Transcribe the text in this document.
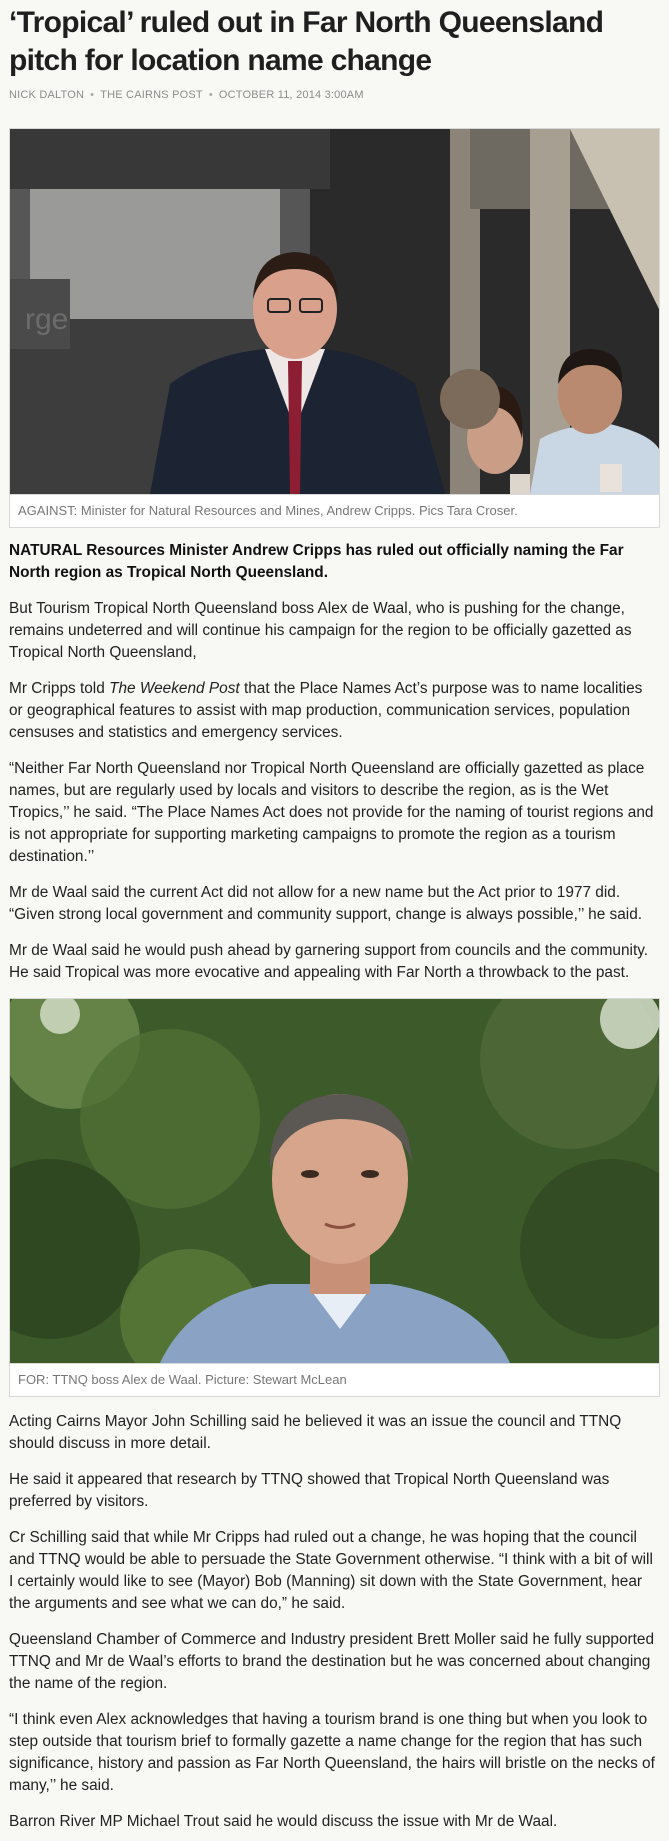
‘Tropical’ ruled out in Far North Queensland pitch for location name change
NICK DALTON • THE CAIRNS POST • OCTOBER 11, 2014 3:00AM
rge
AGAINST: Minister for Natural Resources and Mines, Andrew Cripps. Pics Tara Croser.

NATURAL Resources Minister Andrew Cripps has ruled out officially naming the Far North region as Tropical North Queensland.

But Tourism Tropical North Queensland boss Alex de Waal, who is pushing for the change, remains undeterred and will continue his campaign for the region to be officially gazetted as Tropical North Queensland,

Mr Cripps told The Weekend Post that the Place Names Act’s purpose was to name localities or geographical features to assist with map production, communication services, population censuses and statistics and emergency services.

“Neither Far North Queensland nor Tropical North Queensland are officially gazetted as place names, but are regularly used by locals and visitors to describe the region, as is the Wet Tropics,’’ he said. “The Place Names Act does not provide for the naming of tourist regions and is not appropriate for supporting marketing campaigns to promote the region as a tourism destination.’’

Mr de Waal said the current Act did not allow for a new name but the Act prior to 1977 did. “Given strong local government and community support, change is always possible,’’ he said.

Mr de Waal said he would push ahead by garnering support from councils and the community. He said Tropical was more evocative and appealing with Far North a throwback to the past.

FOR: TTNQ boss Alex de Waal. Picture: Stewart McLean

Acting Cairns Mayor John Schilling said he believed it was an issue the council and TTNQ should discuss in more detail.

He said it appeared that research by TTNQ showed that Tropical North Queensland was preferred by visitors.

Cr Schilling said that while Mr Cripps had ruled out a change, he was hoping that the council and TTNQ would be able to persuade the State Government otherwise. “I think with a bit of will I certainly would like to see (Mayor) Bob (Manning) sit down with the State Government, hear the arguments and see what we can do,” he said.

Queensland Chamber of Commerce and Industry president Brett Moller said he fully supported TTNQ and Mr de Waal’s efforts to brand the destination but he was concerned about changing the name of the region.

“I think even Alex acknowledges that having a tourism brand is one thing but when you look to step outside that tourism brief to formally gazette a name change for the region that has such significance, history and passion as Far North Queensland, the hairs will bristle on the necks of many,’’ he said.

Barron River MP Michael Trout said he would discuss the issue with Mr de Waal.
